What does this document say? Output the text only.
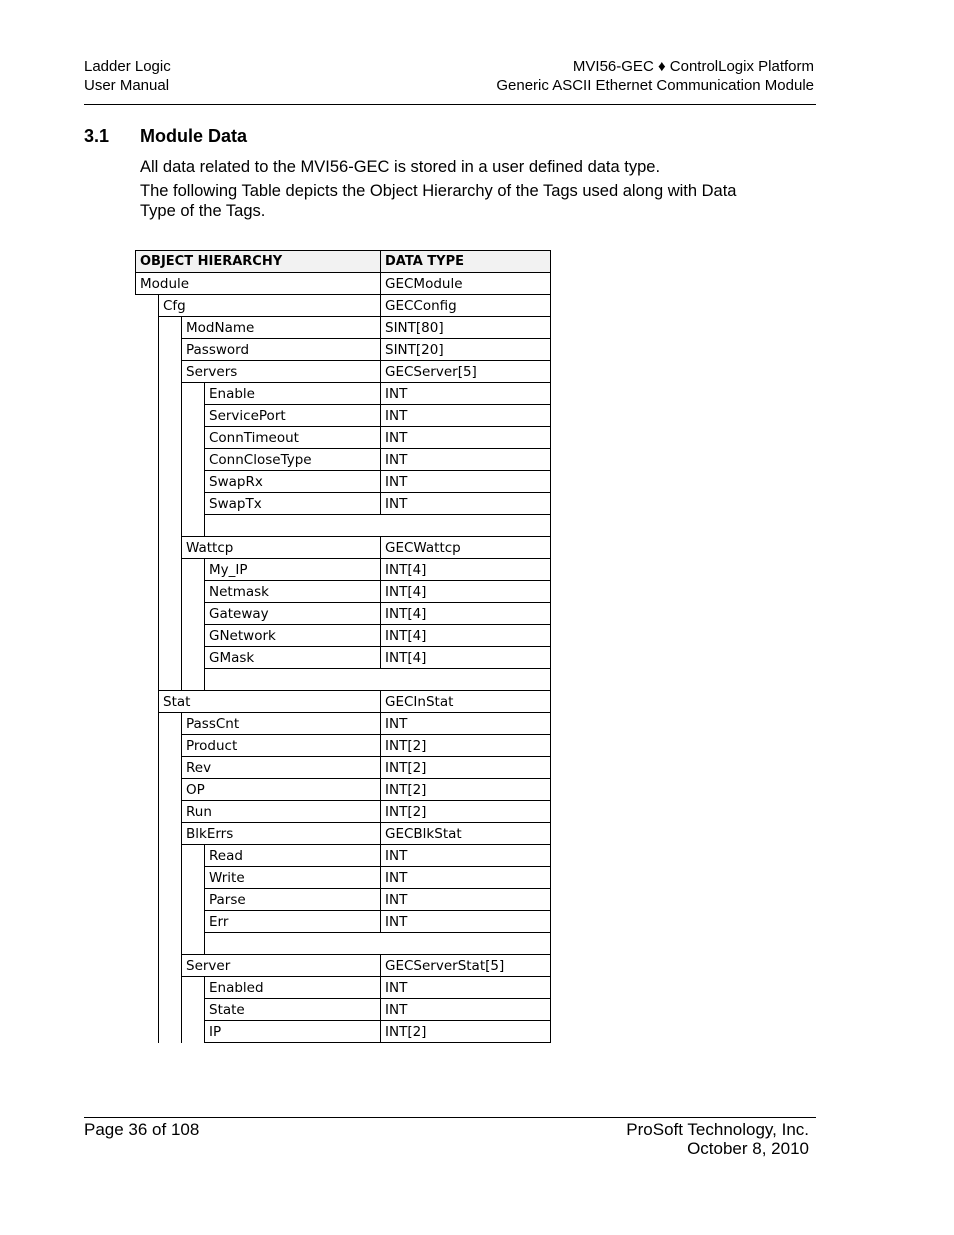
Ladder Logic
User Manual
MVI56-GEC ♦ ControlLogix Platform
Generic ASCII Ethernet Communication Module
3.1 Module Data
All data related to the MVI56-GEC is stored in a user defined data type.
The following Table depicts the Object Hierarchy of the Tags used along with Data Type of the Tags.
OBJECT HIERARCHY				DATA TYPE
Module				GECModule
	Cfg			GECConfig
		ModName		SINT[80]
		Password		SINT[20]
		Servers		GECServer[5]
			Enable	INT
			ServicePort	INT
			ConnTimeout	INT
			ConnCloseType	INT
			SwapRx	INT
			SwapTx	INT

		Wattcp		GECWattcp
			My_IP	INT[4]
			Netmask	INT[4]
			Gateway	INT[4]
			GNetwork	INT[4]
			GMask	INT[4]

	Stat			GECInStat
		PassCnt		INT
		Product		INT[2]
		Rev		INT[2]
		OP		INT[2]
		Run		INT[2]
		BlkErrs		GECBlkStat
			Read	INT
			Write	INT
			Parse	INT
			Err	INT

		Server		GECServerStat[5]
			Enabled	INT
			State	INT
			IP	INT[2]
Page 36 of 108	ProSoft Technology, Inc.
October 8, 2010
